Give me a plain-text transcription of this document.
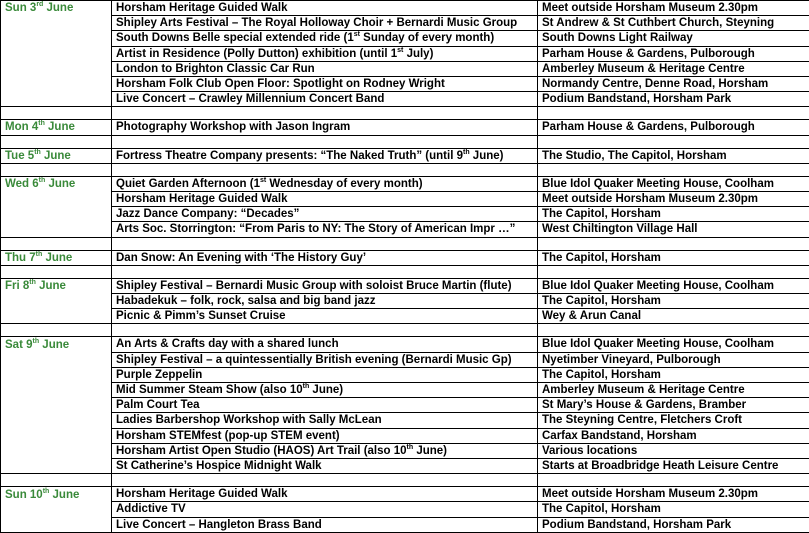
Sun 3rd June	Horsham Heritage Guided Walk	Meet outside Horsham Museum 2.30pm
	Shipley Arts Festival – The Royal Holloway Choir + Bernardi Music Group	St Andrew & St Cuthbert Church, Steyning
	South Downs Belle special extended ride (1st Sunday of every month)	South Downs Light Railway
	Artist in Residence (Polly Dutton) exhibition (until 1st July)	Parham House & Gardens, Pulborough
	London to Brighton Classic Car Run	Amberley Museum & Heritage Centre
	Horsham Folk Club Open Floor: Spotlight on Rodney Wright	Normandy Centre, Denne Road, Horsham
	Live Concert – Crawley Millennium Concert Band	Podium Bandstand, Horsham Park

Mon 4th June	Photography Workshop with Jason Ingram	Parham House & Gardens, Pulborough

Tue 5th June	Fortress Theatre Company presents: “The Naked Truth” (until 9th June)	The Studio, The Capitol, Horsham

Wed 6th June	Quiet Garden Afternoon (1st Wednesday of every month)	Blue Idol Quaker Meeting House, Coolham
	Horsham Heritage Guided Walk	Meet outside Horsham Museum 2.30pm
	Jazz Dance Company: “Decades”	The Capitol, Horsham
	Arts Soc. Storrington: “From Paris to NY: The Story of American Impr …”	West Chiltington Village Hall

Thu 7th June	Dan Snow: An Evening with ‘The History Guy’	The Capitol, Horsham

Fri 8th June	Shipley Festival – Bernardi Music Group with soloist Bruce Martin (flute)	Blue Idol Quaker Meeting House, Coolham
	Habadekuk – folk, rock, salsa and big band jazz	The Capitol, Horsham
	Picnic & Pimm’s Sunset Cruise	Wey & Arun Canal

Sat 9th June	An Arts & Crafts day with a shared lunch	Blue Idol Quaker Meeting House, Coolham
	Shipley Festival – a quintessentially British evening (Bernardi Music Gp)	Nyetimber Vineyard, Pulborough
	Purple Zeppelin	The Capitol, Horsham
	Mid Summer Steam Show (also 10th June)	Amberley Museum & Heritage Centre
	Palm Court Tea	St Mary’s House & Gardens, Bramber
	Ladies Barbershop Workshop with Sally McLean	The Steyning Centre, Fletchers Croft
	Horsham STEMfest (pop-up STEM event)	Carfax Bandstand, Horsham
	Horsham Artist Open Studio (HAOS) Art Trail (also 10th June)	Various locations
	St Catherine’s Hospice Midnight Walk	Starts at Broadbridge Heath Leisure Centre

Sun 10th June	Horsham Heritage Guided Walk	Meet outside Horsham Museum 2.30pm
	Addictive TV	The Capitol, Horsham
	Live Concert – Hangleton Brass Band	Podium Bandstand, Horsham Park
